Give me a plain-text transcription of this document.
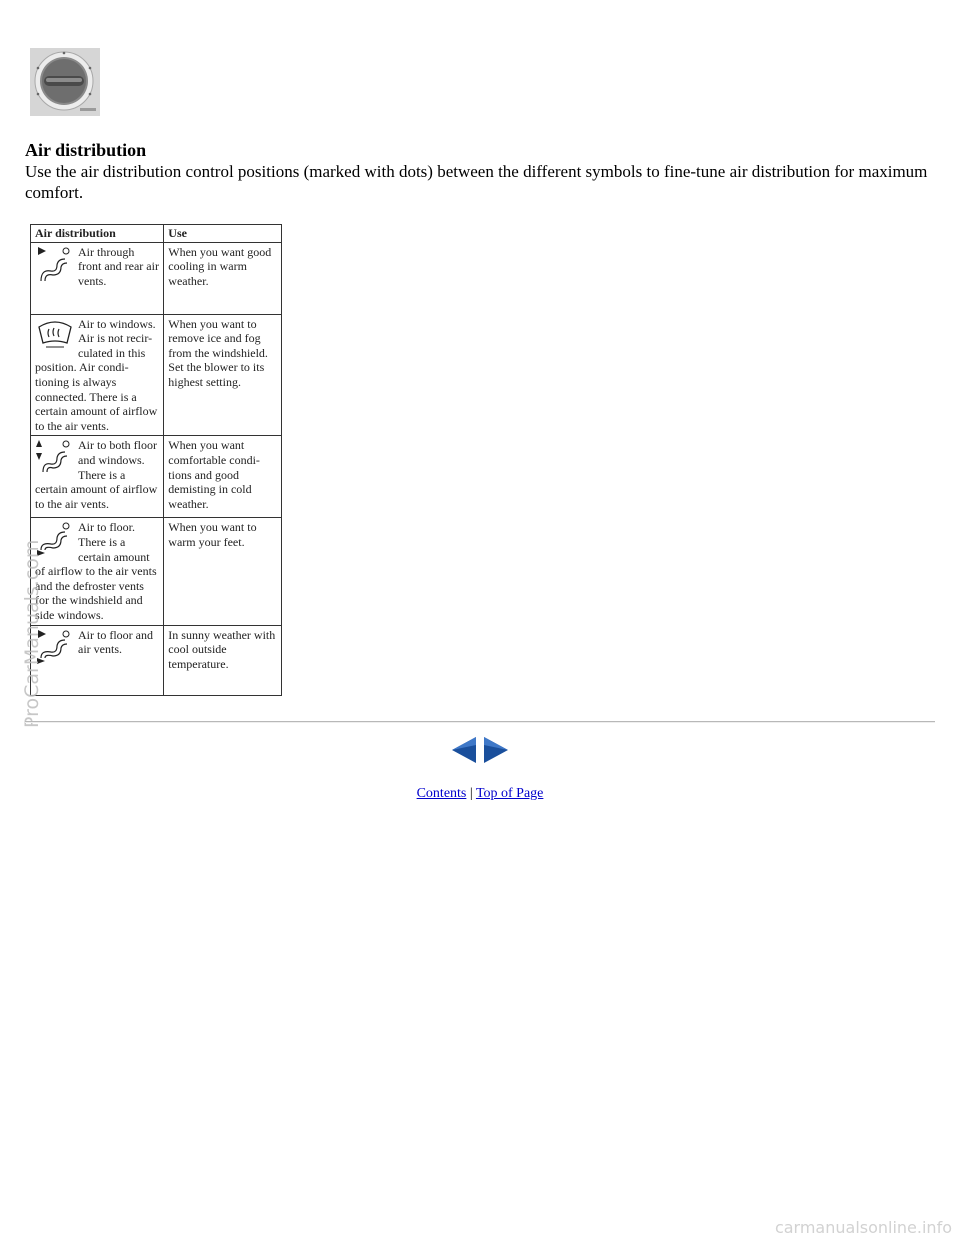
Air distribution

Use the air distribution control positions (marked with dots) between the different symbols to fine-tune air distribution for maximum comfort.

Air distribution	Use

Air through front and rear air vents.	When you want good cooling in warm weather.

Air to windows. Air is not recir-culated in this position. Air condi-tioning is always connected. There is a certain amount of airflow to the air vents.	When you want to remove ice and fog from the windshield. Set the blower to its highest setting.

Air to both floor and windows. There is a certain amount of airflow to the air vents.	When you want comfortable condi-tions and good demisting in cold weather.

Air to floor. There is a certain amount of airflow to the air vents and the defroster vents for the windshield and side windows.	When you want to warm your feet.

Air to floor and air vents.	In sunny weather with cool outside temperature.
ProCarManuals.com

Contents | Top of Page
carmanualsonline.info
